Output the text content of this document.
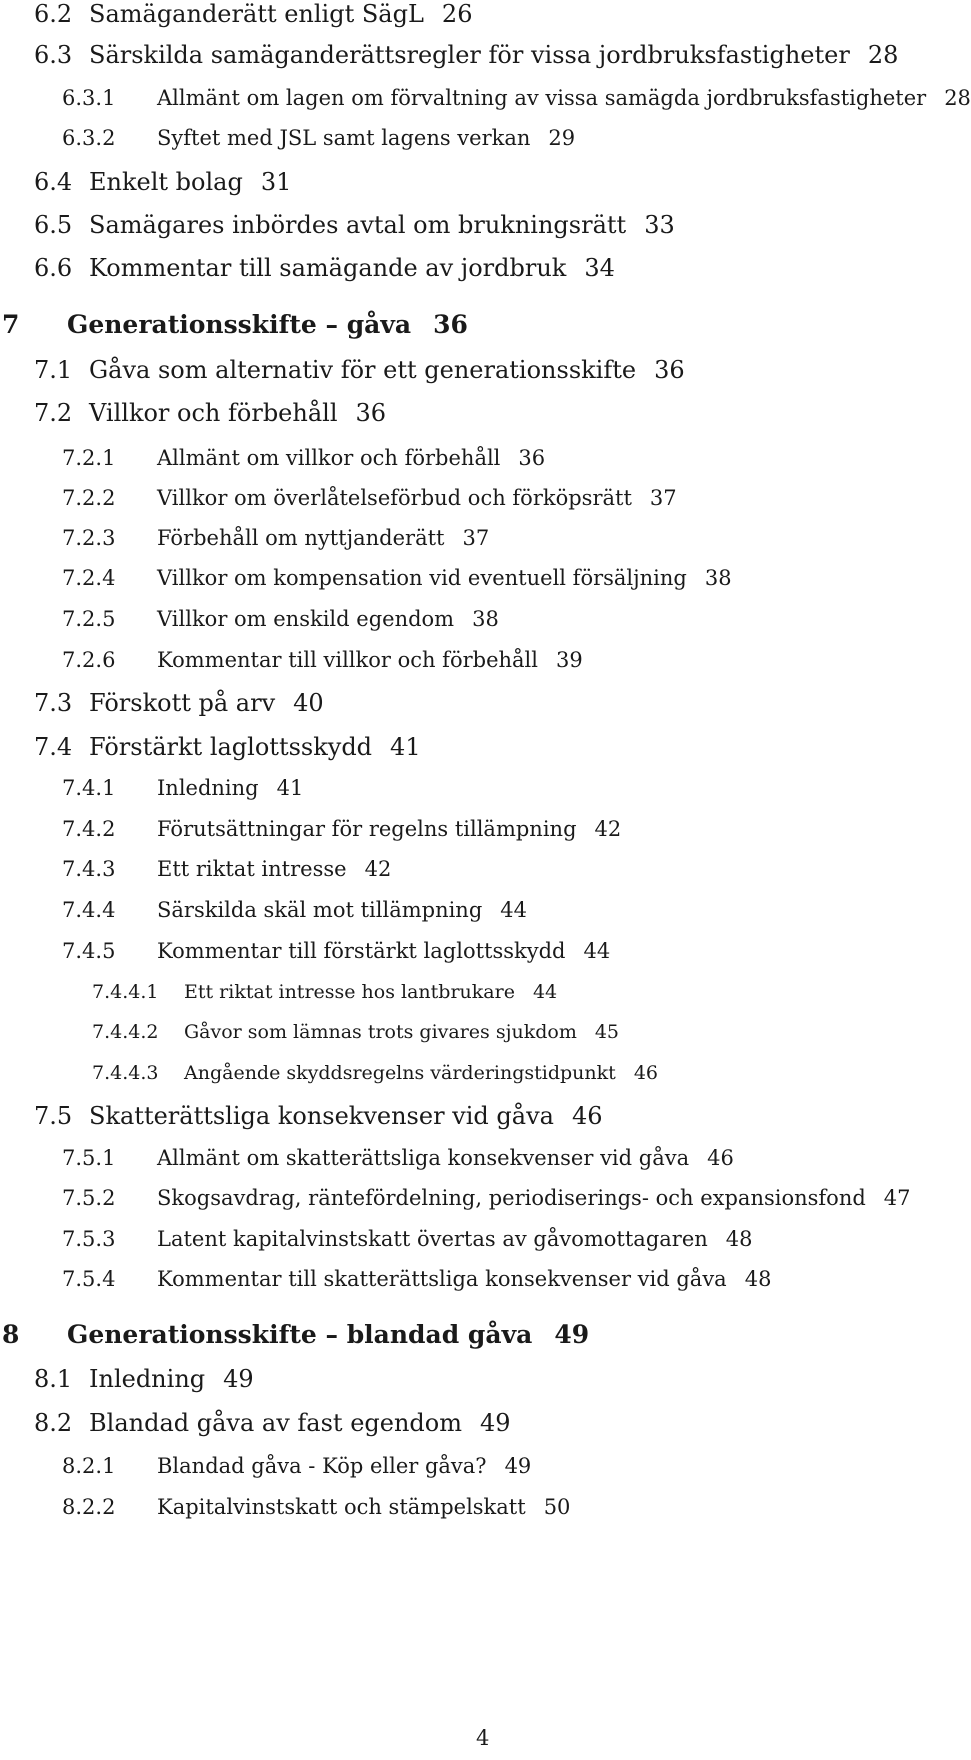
6.2 Samäganderätt enligt SägL 26
6.3 Särskilda samäganderättsregler för vissa jordbruksfastigheter 28
6.3.1 Allmänt om lagen om förvaltning av vissa samägda jordbruksfastigheter 28
6.3.2 Syftet med JSL samt lagens verkan 29
6.4 Enkelt bolag 31
6.5 Samägares inbördes avtal om brukningsrätt 33
6.6 Kommentar till samägande av jordbruk 34
7 Generationsskifte – gåva 36
7.1 Gåva som alternativ för ett generationsskifte 36
7.2 Villkor och förbehåll 36
7.2.1 Allmänt om villkor och förbehåll 36
7.2.2 Villkor om överlåtelseförbud och förköpsrätt 37
7.2.3 Förbehåll om nyttjanderätt 37
7.2.4 Villkor om kompensation vid eventuell försäljning 38
7.2.5 Villkor om enskild egendom 38
7.2.6 Kommentar till villkor och förbehåll 39
7.3 Förskott på arv 40
7.4 Förstärkt laglottsskydd 41
7.4.1 Inledning 41
7.4.2 Förutsättningar för regelns tillämpning 42
7.4.3 Ett riktat intresse 42
7.4.4 Särskilda skäl mot tillämpning 44
7.4.5 Kommentar till förstärkt laglottsskydd 44
7.4.4.1 Ett riktat intresse hos lantbrukare 44
7.4.4.2 Gåvor som lämnas trots givares sjukdom 45
7.4.4.3 Angående skyddsregelns värderingstidpunkt 46
7.5 Skatterättsliga konsekvenser vid gåva 46
7.5.1 Allmänt om skatterättsliga konsekvenser vid gåva 46
7.5.2 Skogsavdrag, räntefördelning, periodiserings- och expansionsfond 47
7.5.3 Latent kapitalvinstskatt övertas av gåvomottagaren 48
7.5.4 Kommentar till skatterättsliga konsekvenser vid gåva 48
8 Generationsskifte – blandad gåva 49
8.1 Inledning 49
8.2 Blandad gåva av fast egendom 49
8.2.1 Blandad gåva - Köp eller gåva? 49
8.2.2 Kapitalvinstskatt och stämpelskatt 50
4
